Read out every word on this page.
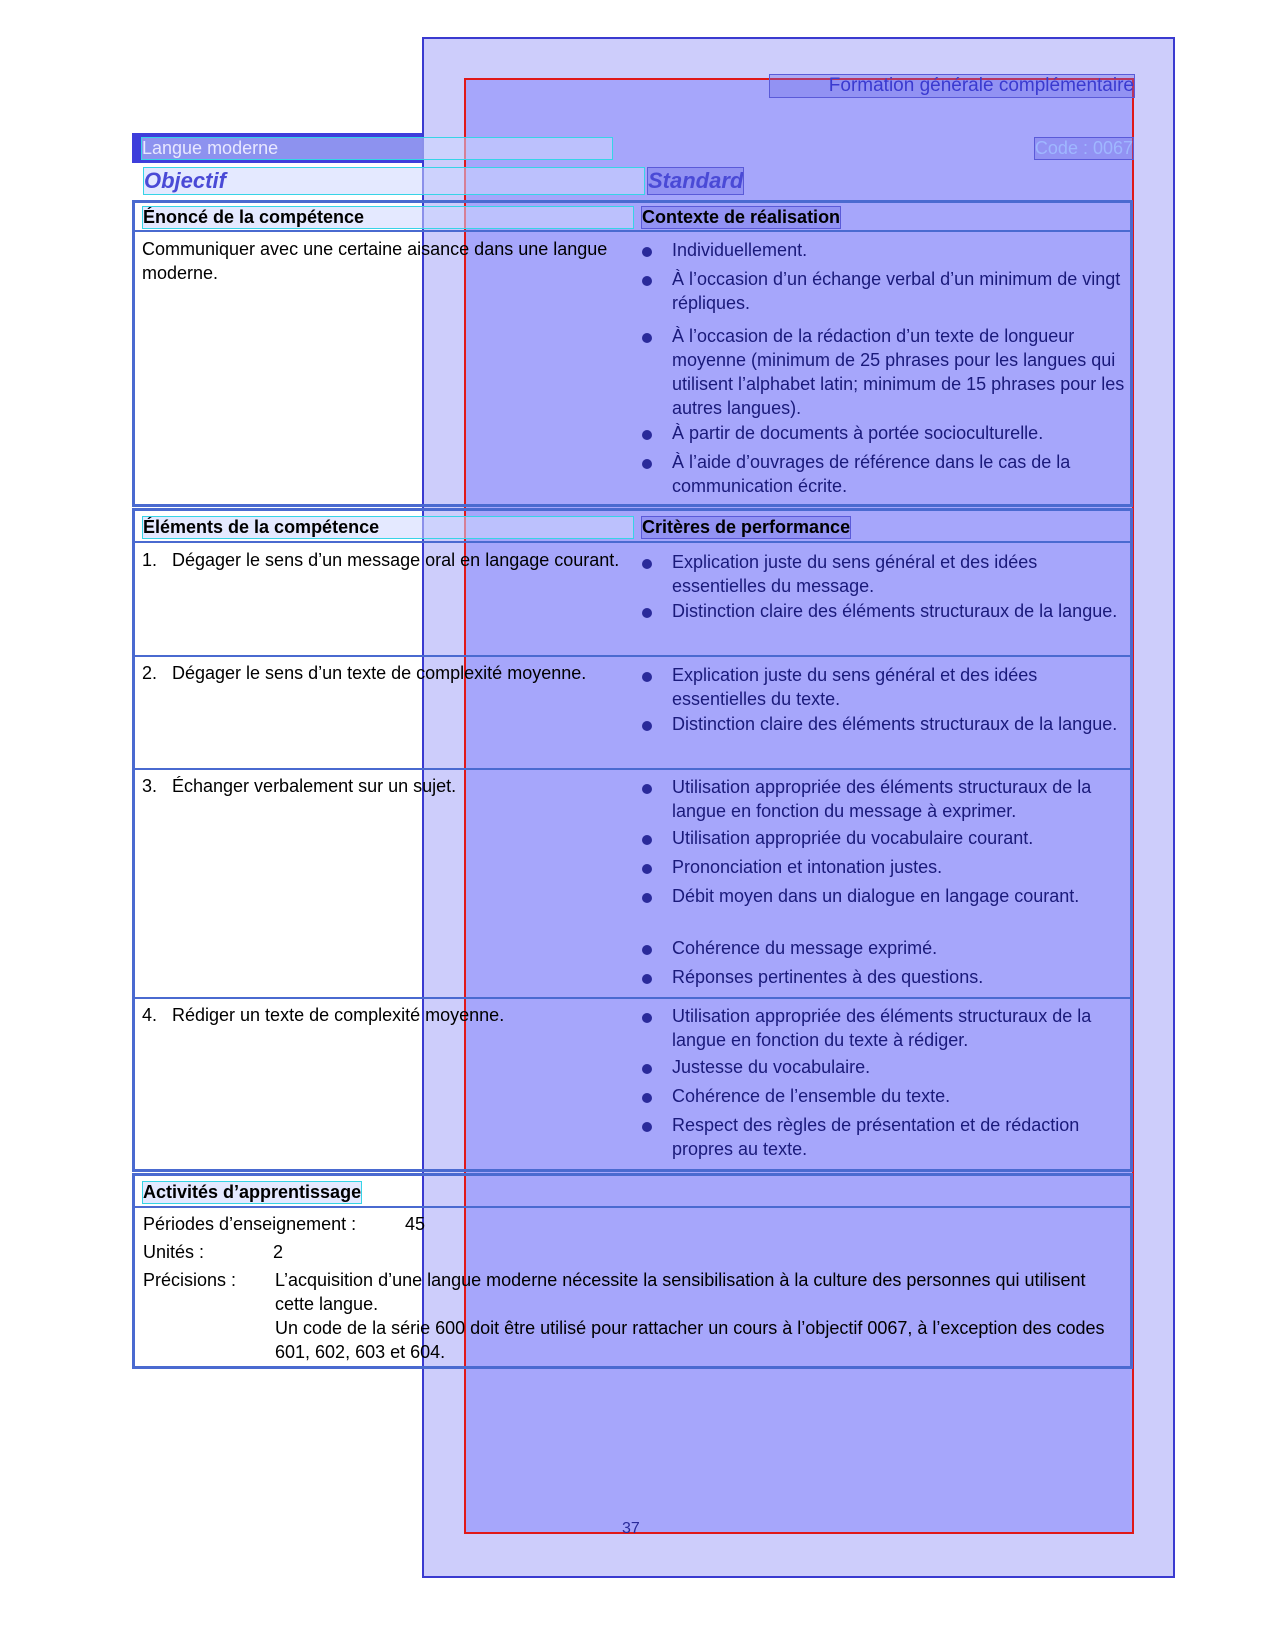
Formation générale complémentaire
Langue moderne	Code : 0067
Objectif	Standard
Énoncé de la compétence	Contexte de réalisation
Communiquer avec une certaine aisance dans une langue moderne.
Individuellement.
À l’occasion d’un échange verbal d’un minimum de vingt répliques.
À l’occasion de la rédaction d’un texte de longueur moyenne (minimum de 25 phrases pour les langues qui utilisent l’alphabet latin; minimum de 15 phrases pour les autres langues).
À partir de documents à portée socioculturelle.
À l’aide d’ouvrages de référence dans le cas de la communication écrite.
Éléments de la compétence	Critères de performance
1. Dégager le sens d’un message oral en langage courant.	Explication juste du sens général et des idées essentielles du message.
Distinction claire des éléments structuraux de la langue.
2. Dégager le sens d’un texte de complexité moyenne.	Explication juste du sens général et des idées essentielles du texte.
Distinction claire des éléments structuraux de la langue.
3. Échanger verbalement sur un sujet.	Utilisation appropriée des éléments structuraux de la langue en fonction du message à exprimer.
Utilisation appropriée du vocabulaire courant.
Prononciation et intonation justes.
Débit moyen dans un dialogue en langage courant.
Cohérence du message exprimé.
Réponses pertinentes à des questions.
4. Rédiger un texte de complexité moyenne.	Utilisation appropriée des éléments structuraux de la langue en fonction du texte à rédiger.
Justesse du vocabulaire.
Cohérence de l’ensemble du texte.
Respect des règles de présentation et de rédaction propres au texte.
Activités d’apprentissage
Périodes d’enseignement :	45
Unités :	2
Précisions : L’acquisition d’une langue moderne nécessite la sensibilisation à la culture des personnes qui utilisent cette langue.
Un code de la série 600 doit être utilisé pour rattacher un cours à l’objectif 0067, à l’exception des codes 601, 602, 603 et 604.
37
